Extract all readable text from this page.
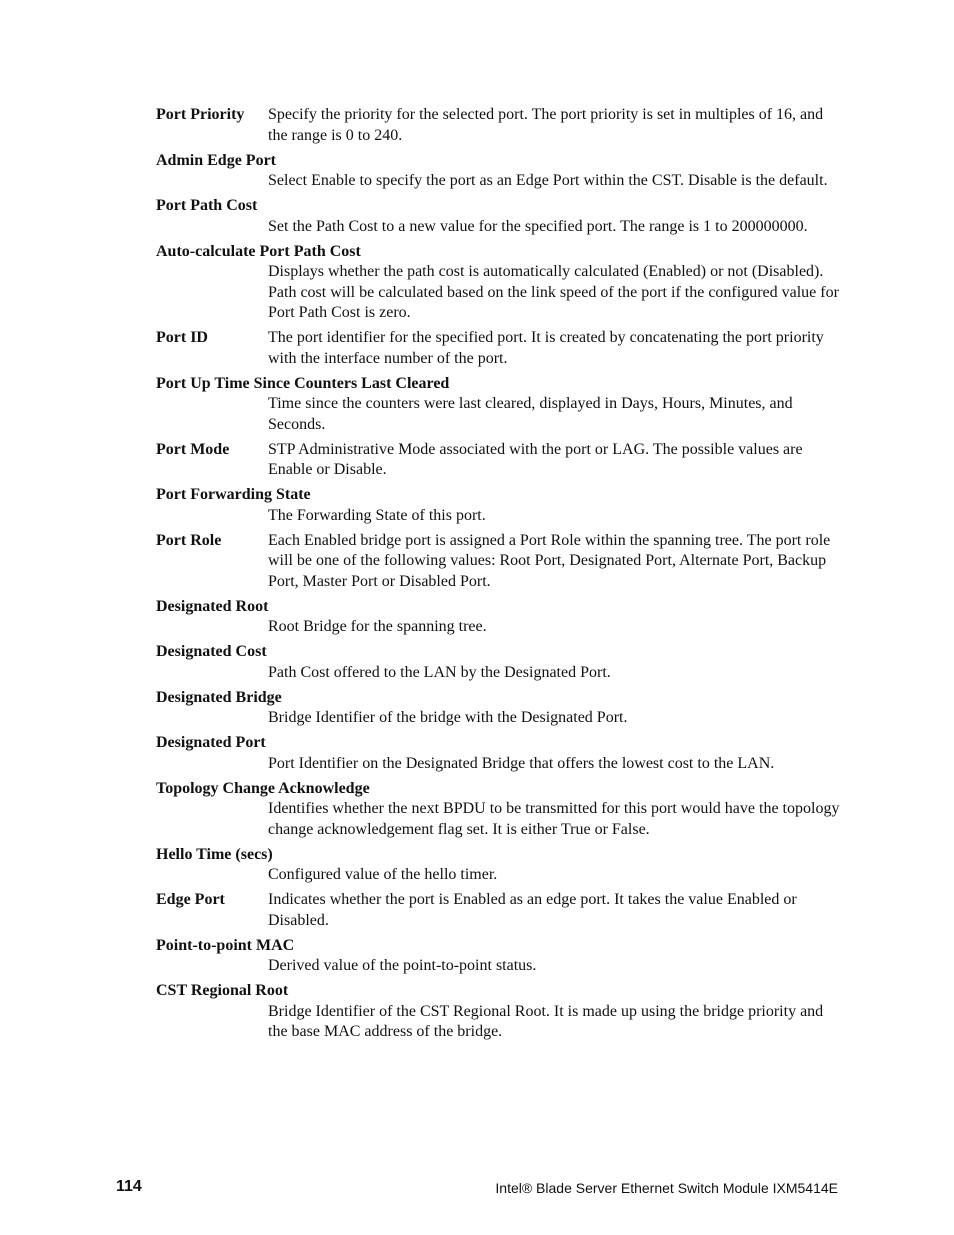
Port Priority	Specify the priority for the selected port. The port priority is set in multiples of 16, and the range is 0 to 240.
Admin Edge Port
Select Enable to specify the port as an Edge Port within the CST. Disable is the default.
Port Path Cost
Set the Path Cost to a new value for the specified port. The range is 1 to 200000000.
Auto-calculate Port Path Cost
Displays whether the path cost is automatically calculated (Enabled) or not (Disabled). Path cost will be calculated based on the link speed of the port if the configured value for Port Path Cost is zero.
Port ID	The port identifier for the specified port. It is created by concatenating the port priority with the interface number of the port.
Port Up Time Since Counters Last Cleared
Time since the counters were last cleared, displayed in Days, Hours, Minutes, and Seconds.
Port Mode	STP Administrative Mode associated with the port or LAG. The possible values are Enable or Disable.
Port Forwarding State
The Forwarding State of this port.
Port Role	Each Enabled bridge port is assigned a Port Role within the spanning tree. The port role will be one of the following values: Root Port, Designated Port, Alternate Port, Backup Port, Master Port or Disabled Port.
Designated Root
Root Bridge for the spanning tree.
Designated Cost
Path Cost offered to the LAN by the Designated Port.
Designated Bridge
Bridge Identifier of the bridge with the Designated Port.
Designated Port
Port Identifier on the Designated Bridge that offers the lowest cost to the LAN.
Topology Change Acknowledge
Identifies whether the next BPDU to be transmitted for this port would have the topology change acknowledgement flag set. It is either True or False.
Hello Time (secs)
Configured value of the hello timer.
Edge Port	Indicates whether the port is Enabled as an edge port. It takes the value Enabled or Disabled.
Point-to-point MAC
Derived value of the point-to-point status.
CST Regional Root
Bridge Identifier of the CST Regional Root. It is made up using the bridge priority and the base MAC address of the bridge.
114	Intel® Blade Server Ethernet Switch Module IXM5414E
